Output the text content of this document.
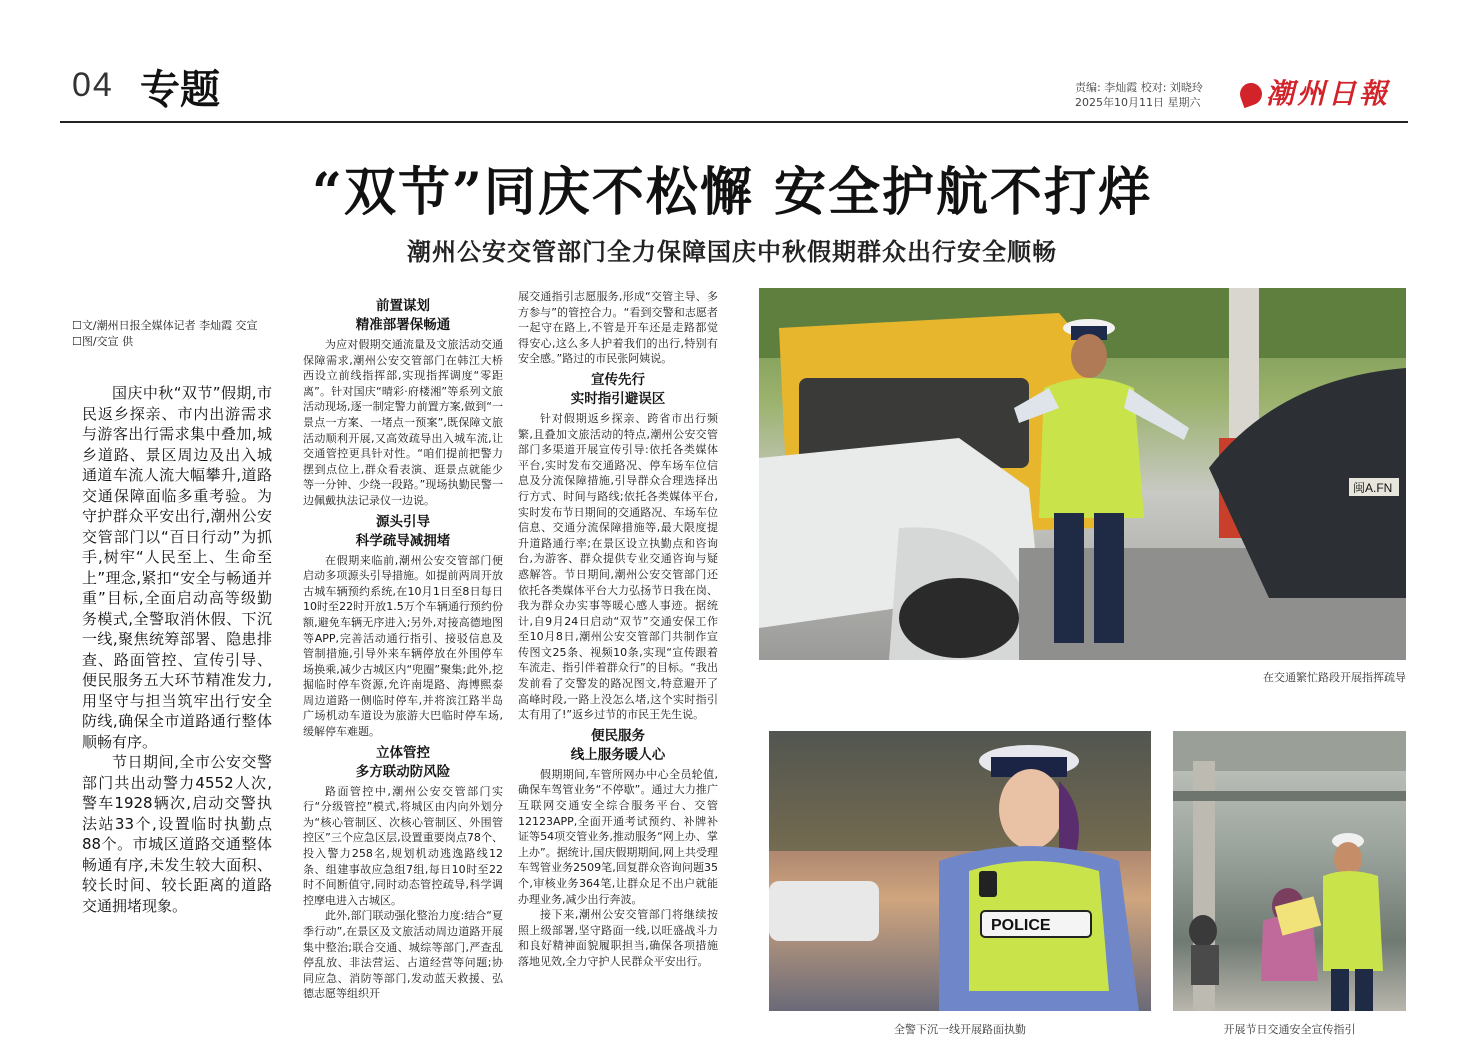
04 专题	责编: 李灿霞 校对: 刘晓玲
2025年10月11日 星期六	潮州日報
“双节”同庆不松懈 安全护航不打烊
潮州公安交管部门全力保障国庆中秋假期群众出行安全顺畅
☐文/潮州日报全媒体记者 李灿霞 交宣
☐图/交宣 供

国庆中秋“双节”假期,市民返乡探亲、市内出游需求与游客出行需求集中叠加,城乡道路、景区周边及出入城通道车流人流大幅攀升,道路交通保障面临多重考验。为守护群众平安出行,潮州公安交管部门以“百日行动”为抓手,树牢“人民至上、生命至上”理念,紧扣“安全与畅通并重”目标,全面启动高等级勤务模式,全警取消休假、下沉一线,聚焦统筹部署、隐患排查、路面管控、宣传引导、便民服务五大环节精准发力,用坚守与担当筑牢出行安全防线,确保全市道路通行整体顺畅有序。

节日期间,全市公安交警部门共出动警力4552人次,警车1928辆次,启动交警执法站33个,设置临时执勤点88个。市城区道路交通整体畅通有序,未发生较大面积、较长时间、较长距离的道路交通拥堵现象。

前置谋划
精准部署保畅通

为应对假期交通流量及文旅活动交通保障需求,潮州公安交管部门在韩江大桥西设立前线指挥部,实现指挥调度“零距离”。针对国庆“晴彩·府楼湘”等系列文旅活动现场,逐一制定警力前置方案,做到“一景点一方案、一堵点一预案”,既保障文旅活动顺利开展,又高效疏导出入城车流,让交通管控更具针对性。“咱们提前把警力摆到点位上,群众看表演、逛景点就能少等一分钟、少绕一段路。”现场执勤民警一边佩戴执法记录仪一边说。

源头引导
科学疏导减拥堵

在假期来临前,潮州公安交管部门便启动多项源头引导措施。如提前两周开放古城车辆预约系统,在10月1日至8日每日10时至22时开放1.5万个车辆通行预约份额,避免车辆无序进入;另外,对接高德地图等APP,完善活动通行指引、接驳信息及管制措施,引导外来车辆停放在外围停车场换乘,减少古城区内“兜圈”聚集;此外,挖掘临时停车资源,允许南堤路、海博熙泰周边道路一侧临时停车,并将滨江路半岛广场机动车道设为旅游大巴临时停车场,缓解停车难题。

立体管控
多方联动防风险

路面管控中,潮州公安交管部门实行“分级管控”模式,将城区由内向外划分为“核心管制区、次核心管制区、外围管控区”三个应急区层,设置重要岗点78个、投入警力258名,规划机动逃逸路线12条、组建事故应急组7组,每日10时至22时不间断值守,同时动态管控疏导,科学调控摩电进入古城区。

此外,部门联动强化整治力度:结合“夏季行动”,在景区及文旅活动周边道路开展集中整治;联合交通、城综等部门,严查乱停乱放、非法营运、占道经营等问题;协同应急、消防等部门,发动蓝天救援、弘德志愿等组织开

展交通指引志愿服务,形成“交管主导、多方参与”的管控合力。“看到交警和志愿者一起守在路上,不管是开车还是走路都觉得安心,这么多人护着我们的出行,特别有安全感。”路过的市民张阿姨说。

宣传先行
实时指引避误区

针对假期返乡探亲、跨省市出行频繁,且叠加文旅活动的特点,潮州公安交管部门多渠道开展宣传引导:依托各类媒体平台,实时发布交通路况、停车场车位信息及分流保障措施,引导群众合理选择出行方式、时间与路线;依托各类媒体平台,实时发布节日期间的交通路况、车场车位信息、交通分流保障措施等,最大限度提升道路通行率;在景区设立执勤点和咨询台,为游客、群众提供专业交通咨询与疑惑解答。节日期间,潮州公安交管部门还依托各类媒体平台大力弘扬节日我在岗、我为群众办实事等暖心感人事迹。据统计,自9月24日启动“双节”交通安保工作至10月8日,潮州公安交管部门共制作宣传图文25条、视频10条,实现“宣传跟着车流走、指引伴着群众行”的目标。“我出发前看了交警发的路况图文,特意避开了高峰时段,一路上没怎么堵,这个实时指引太有用了!”返乡过节的市民王先生说。

便民服务
线上服务暖人心

假期期间,车管所网办中心全员轮值,确保车驾管业务“不停歇”。通过大力推广互联网交通安全综合服务平台、交管12123APP,全面开通考试预约、补牌补证等54项交管业务,推动服务“网上办、掌上办”。据统计,国庆假期期间,网上共受理车驾管业务2509笔,回复群众咨询问题35个,审核业务364笔,让群众足不出户就能办理业务,减少出行奔波。

接下来,潮州公安交管部门将继续按照上级部署,坚守路面一线,以旺盛战斗力和良好精神面貌履职担当,确保各项措施落地见效,全力守护人民群众平安出行。

闽A.FN
在交通繁忙路段开展指挥疏导
POLICE
全警下沉一线开展路面执勤	开展节日交通安全宣传指引
